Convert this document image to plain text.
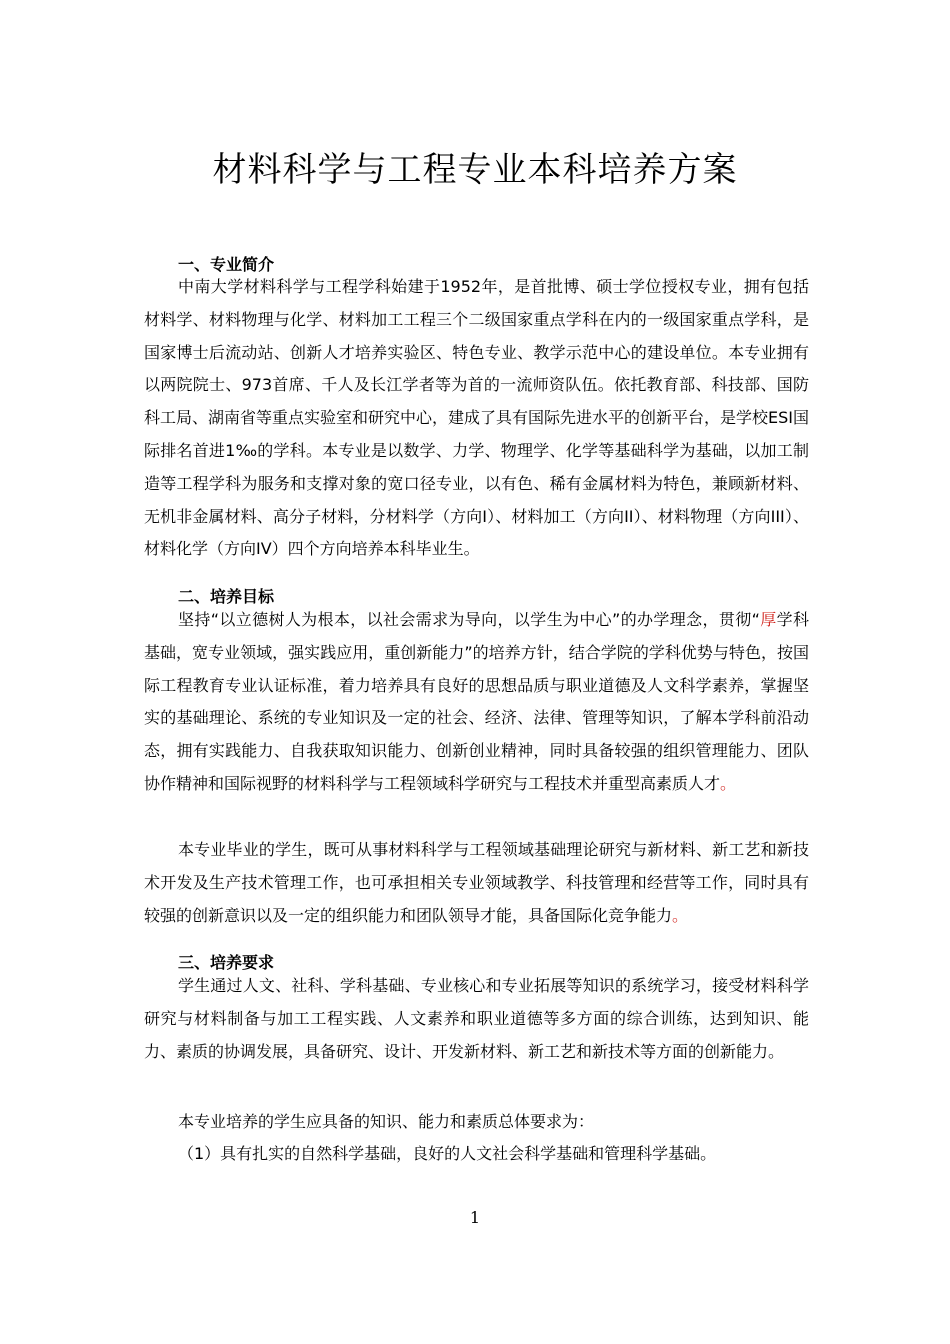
材料科学与工程专业本科培养方案
一、专业简介

中南大学材料科学与工程学科始建于1952年，是首批博、硕士学位授权专业，拥有包括材料学、材料物理与化学、材料加工工程三个二级国家重点学科在内的一级国家重点学科，是国家博士后流动站、创新人才培养实验区、特色专业、教学示范中心的建设单位。本专业拥有以两院院士、973首席、千人及长江学者等为首的一流师资队伍。依托教育部、科技部、国防科工局、湖南省等重点实验室和研究中心，建成了具有国际先进水平的创新平台，是学校ESI国际排名首进1‰的学科。本专业是以数学、力学、物理学、化学等基础科学为基础，以加工制造等工程学科为服务和支撑对象的宽口径专业，以有色、稀有金属材料为特色，兼顾新材料、无机非金属材料、高分子材料，分材料学（方向I）、材料加工（方向II）、材料物理（方向III）、材料化学（方向IV）四个方向培养本科毕业生。

二、培养目标

坚持“以立德树人为根本，以社会需求为导向，以学生为中心”的办学理念，贯彻“厚学科基础，宽专业领域，强实践应用，重创新能力”的培养方针，结合学院的学科优势与特色，按国际工程教育专业认证标准，着力培养具有良好的思想品质与职业道德及人文科学素养，掌握坚实的基础理论、系统的专业知识及一定的社会、经济、法律、管理等知识，了解本学科前沿动态，拥有实践能力、自我获取知识能力、创新创业精神，同时具备较强的组织管理能力、团队协作精神和国际视野的材料科学与工程领域科学研究与工程技术并重型高素质人才。

本专业毕业的学生，既可从事材料科学与工程领域基础理论研究与新材料、新工艺和新技术开发及生产技术管理工作，也可承担相关专业领域教学、科技管理和经营等工作，同时具有较强的创新意识以及一定的组织能力和团队领导才能，具备国际化竞争能力。

三、培养要求

学生通过人文、社科、学科基础、专业核心和专业拓展等知识的系统学习，接受材料科学研究与材料制备与加工工程实践、人文素养和职业道德等多方面的综合训练，达到知识、能力、素质的协调发展，具备研究、设计、开发新材料、新工艺和新技术等方面的创新能力。

本专业培养的学生应具备的知识、能力和素质总体要求为：

（1）具有扎实的自然科学基础，良好的人文社会科学基础和管理科学基础。

1
